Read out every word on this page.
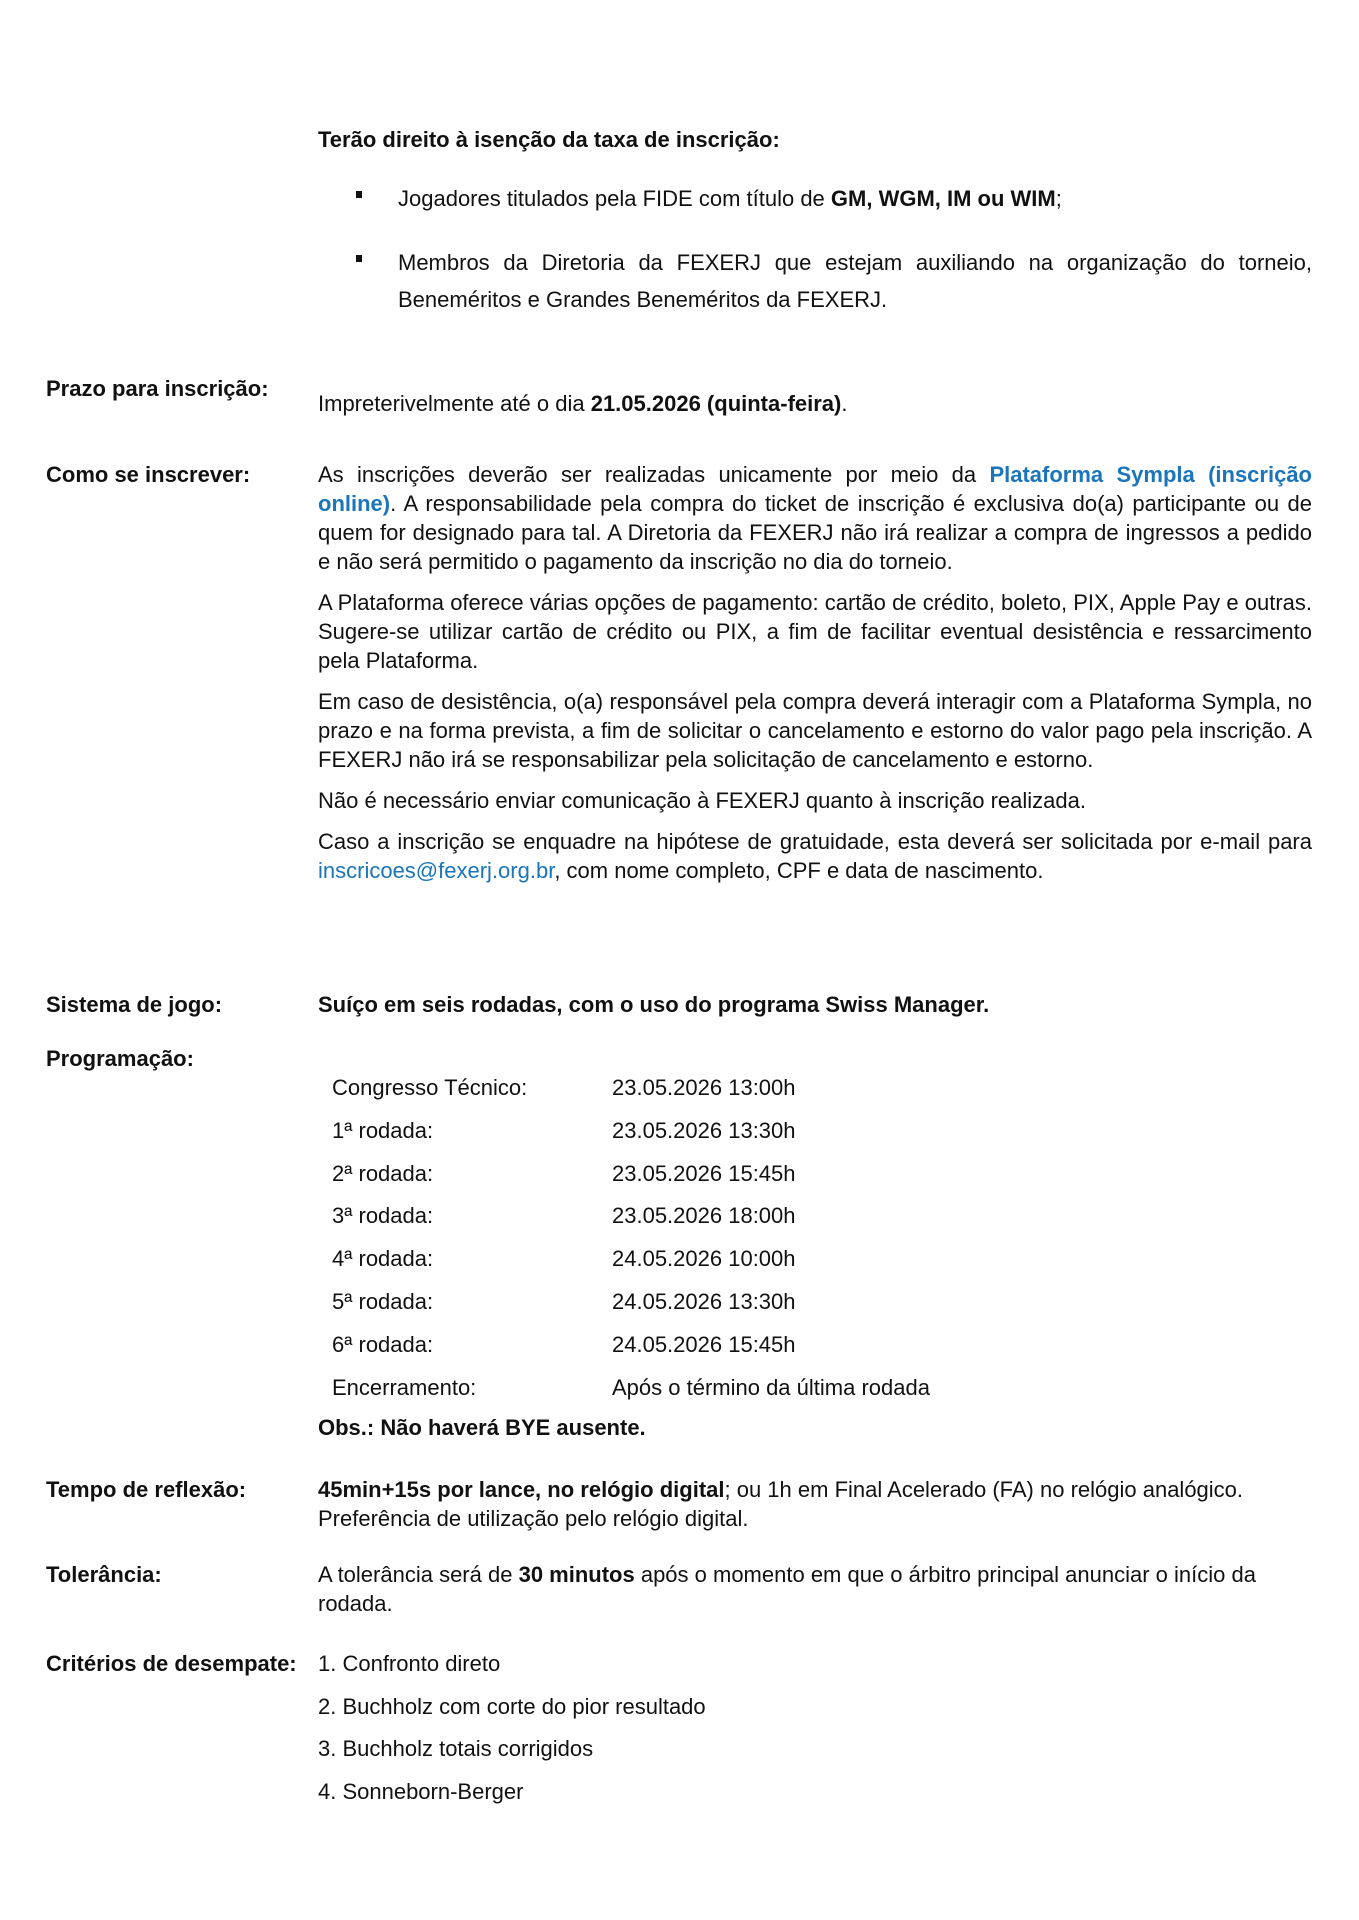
Terão direito à isenção da taxa de inscrição:
Jogadores titulados pela FIDE com título de GM, WGM, IM ou WIM;
Membros da Diretoria da FEXERJ que estejam auxiliando na organização do torneio, Beneméritos e Grandes Beneméritos da FEXERJ.
Prazo para inscrição:
Impreterivelmente até o dia 21.05.2026 (quinta-feira).
Como se inscrever:	As inscrições deverão ser realizadas unicamente por meio da Plataforma Sympla (inscrição online). A responsabilidade pela compra do ticket de inscrição é exclusiva do(a) participante ou de quem for designado para tal. A Diretoria da FEXERJ não irá realizar a compra de ingressos a pedido e não será permitido o pagamento da inscrição no dia do torneio.

A Plataforma oferece várias opções de pagamento: cartão de crédito, boleto, PIX, Apple Pay e outras. Sugere-se utilizar cartão de crédito ou PIX, a fim de facilitar eventual desistência e ressarcimento pela Plataforma.

Em caso de desistência, o(a) responsável pela compra deverá interagir com a Plataforma Sympla, no prazo e na forma prevista, a fim de solicitar o cancelamento e estorno do valor pago pela inscrição. A FEXERJ não irá se responsabilizar pela solicitação de cancelamento e estorno.

Não é necessário enviar comunicação à FEXERJ quanto à inscrição realizada.

Caso a inscrição se enquadre na hipótese de gratuidade, esta deverá ser solicitada por e-mail para inscricoes@fexerj.org.br, com nome completo, CPF e data de nascimento.

Sistema de jogo:	Suíço em seis rodadas, com o uso do programa Swiss Manager.
Programação:
Congresso Técnico:	23.05.2026 13:00h
1ª rodada:	23.05.2026 13:30h
2ª rodada:	23.05.2026 15:45h
3ª rodada:	23.05.2026 18:00h
4ª rodada:	24.05.2026 10:00h
5ª rodada:	24.05.2026 13:30h
6ª rodada:	24.05.2026 15:45h
Encerramento:	Após o término da última rodada
Obs.: Não haverá BYE ausente.
Tempo de reflexão:	45min+15s por lance, no relógio digital; ou 1h em Final Acelerado (FA) no relógio analógico. Preferência de utilização pelo relógio digital.
Tolerância:	A tolerância será de 30 minutos após o momento em que o árbitro principal anunciar o início da rodada.
Critérios de desempate: 1. Confronto direto
2. Buchholz com corte do pior resultado
3. Buchholz totais corrigidos
4. Sonneborn-Berger
